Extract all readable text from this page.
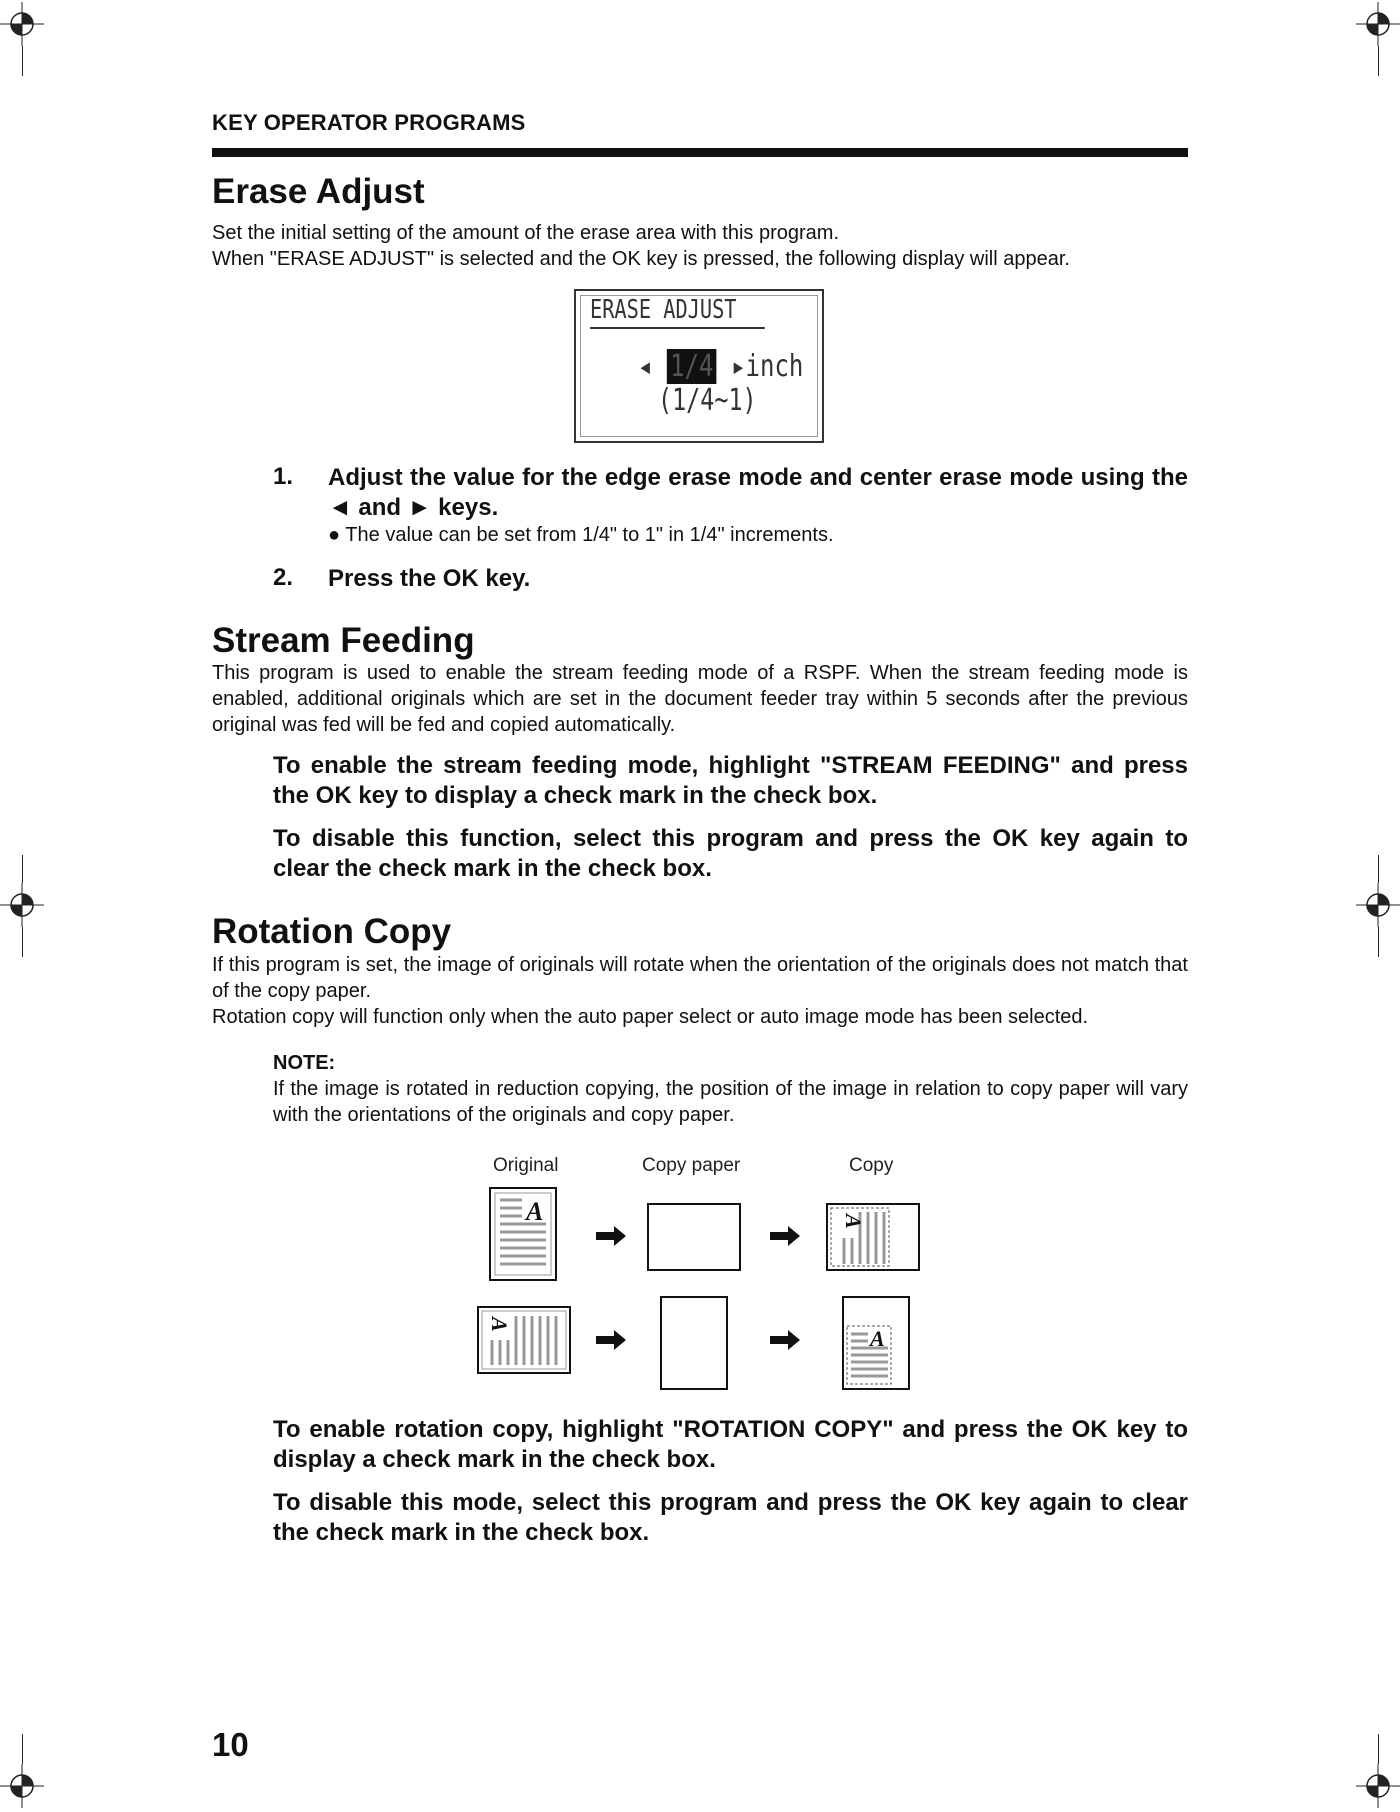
KEY OPERATOR PROGRAMS
Erase Adjust
Set the initial setting of the amount of the erase area with this program.
When "ERASE ADJUST" is selected and the OK key is pressed, the following display will appear.
ERASE ADJUST
◂ 1/4 ▸inch
(1/4~1)
1. Adjust the value for the edge erase mode and center erase mode using the ◄ and ► keys.
● The value can be set from 1/4" to 1" in 1/4" increments.
2. Press the OK key.
Stream Feeding
This program is used to enable the stream feeding mode of a RSPF. When the stream feeding mode is enabled, additional originals which are set in the document feeder tray within 5 seconds after the previous original was fed will be fed and copied automatically.
To enable the stream feeding mode, highlight "STREAM FEEDING" and press the OK key to display a check mark in the check box.
To disable this function, select this program and press the OK key again to clear the check mark in the check box.
Rotation Copy
If this program is set, the image of originals will rotate when the orientation of the originals does not match that of the copy paper.
Rotation copy will function only when the auto paper select or auto image mode has been selected.
NOTE:
If the image is rotated in reduction copying, the position of the image in relation to copy paper will vary with the orientations of the originals and copy paper.
Original	Copy paper	Copy
A	A
A
A
To enable rotation copy, highlight "ROTATION COPY" and press the OK key to display a check mark in the check box.
To disable this mode, select this program and press the OK key again to clear the check mark in the check box.
10
